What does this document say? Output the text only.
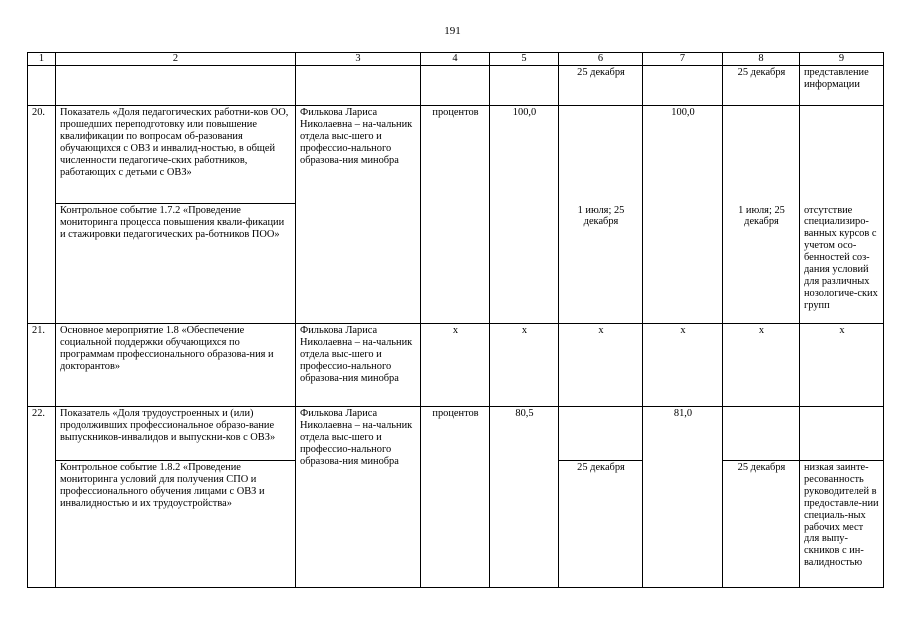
191
1	2	3	4	5	6	7	8	9
					25 декабря		25 декабря	представление информации
20.	Показатель «Доля педагогических работни-ков ОО, прошедших переподготовку или повышение квалификации по вопросам об-разования обучающихся с ОВЗ и инвалид-ностью, в общей численности педагогиче-ских работников, работающих с детьми с ОВЗ»	Филькова Лариса Николаевна – на-чальник отдела выс-шего и профессио-нального образова-ния минобра	процентов	100,0		100,0		
	Контрольное событие 1.7.2 «Проведение мониторинга процесса повышения квали-фикации и стажировки педагогических ра-ботников ПОО»				1 июля; 25 декабря		1 июля; 25 декабря	отсутствие специализиро-ванных курсов с учетом осо-бенностей соз-дания условий для различных нозологиче-ских групп
21.	Основное мероприятие 1.8 «Обеспечение социальной поддержки обучающихся по программам профессионального образова-ния и докторантов»	Филькова Лариса Николаевна – на-чальник отдела выс-шего и профессио-нального образова-ния минобра	x	x	x	x	x	x
22.	Показатель «Доля трудоустроенных и (или) продолживших профессиональное образо-вание выпускников-инвалидов и выпускни-ков с ОВЗ»	Филькова Лариса Николаевна – на-чальник отдела выс-шего и профессио-нального образова-ния минобра	процентов	80,5		81,0		
	Контрольное событие 1.8.2 «Проведение мониторинга условий для получения СПО и профессионального обучения лицами с ОВЗ и инвалидностью и их трудоустройства»				25 декабря		25 декабря	низкая заинте-ресованность руководителей в предоставле-нии специаль-ных рабочих мест для выпу-скников с ин-валидностью
